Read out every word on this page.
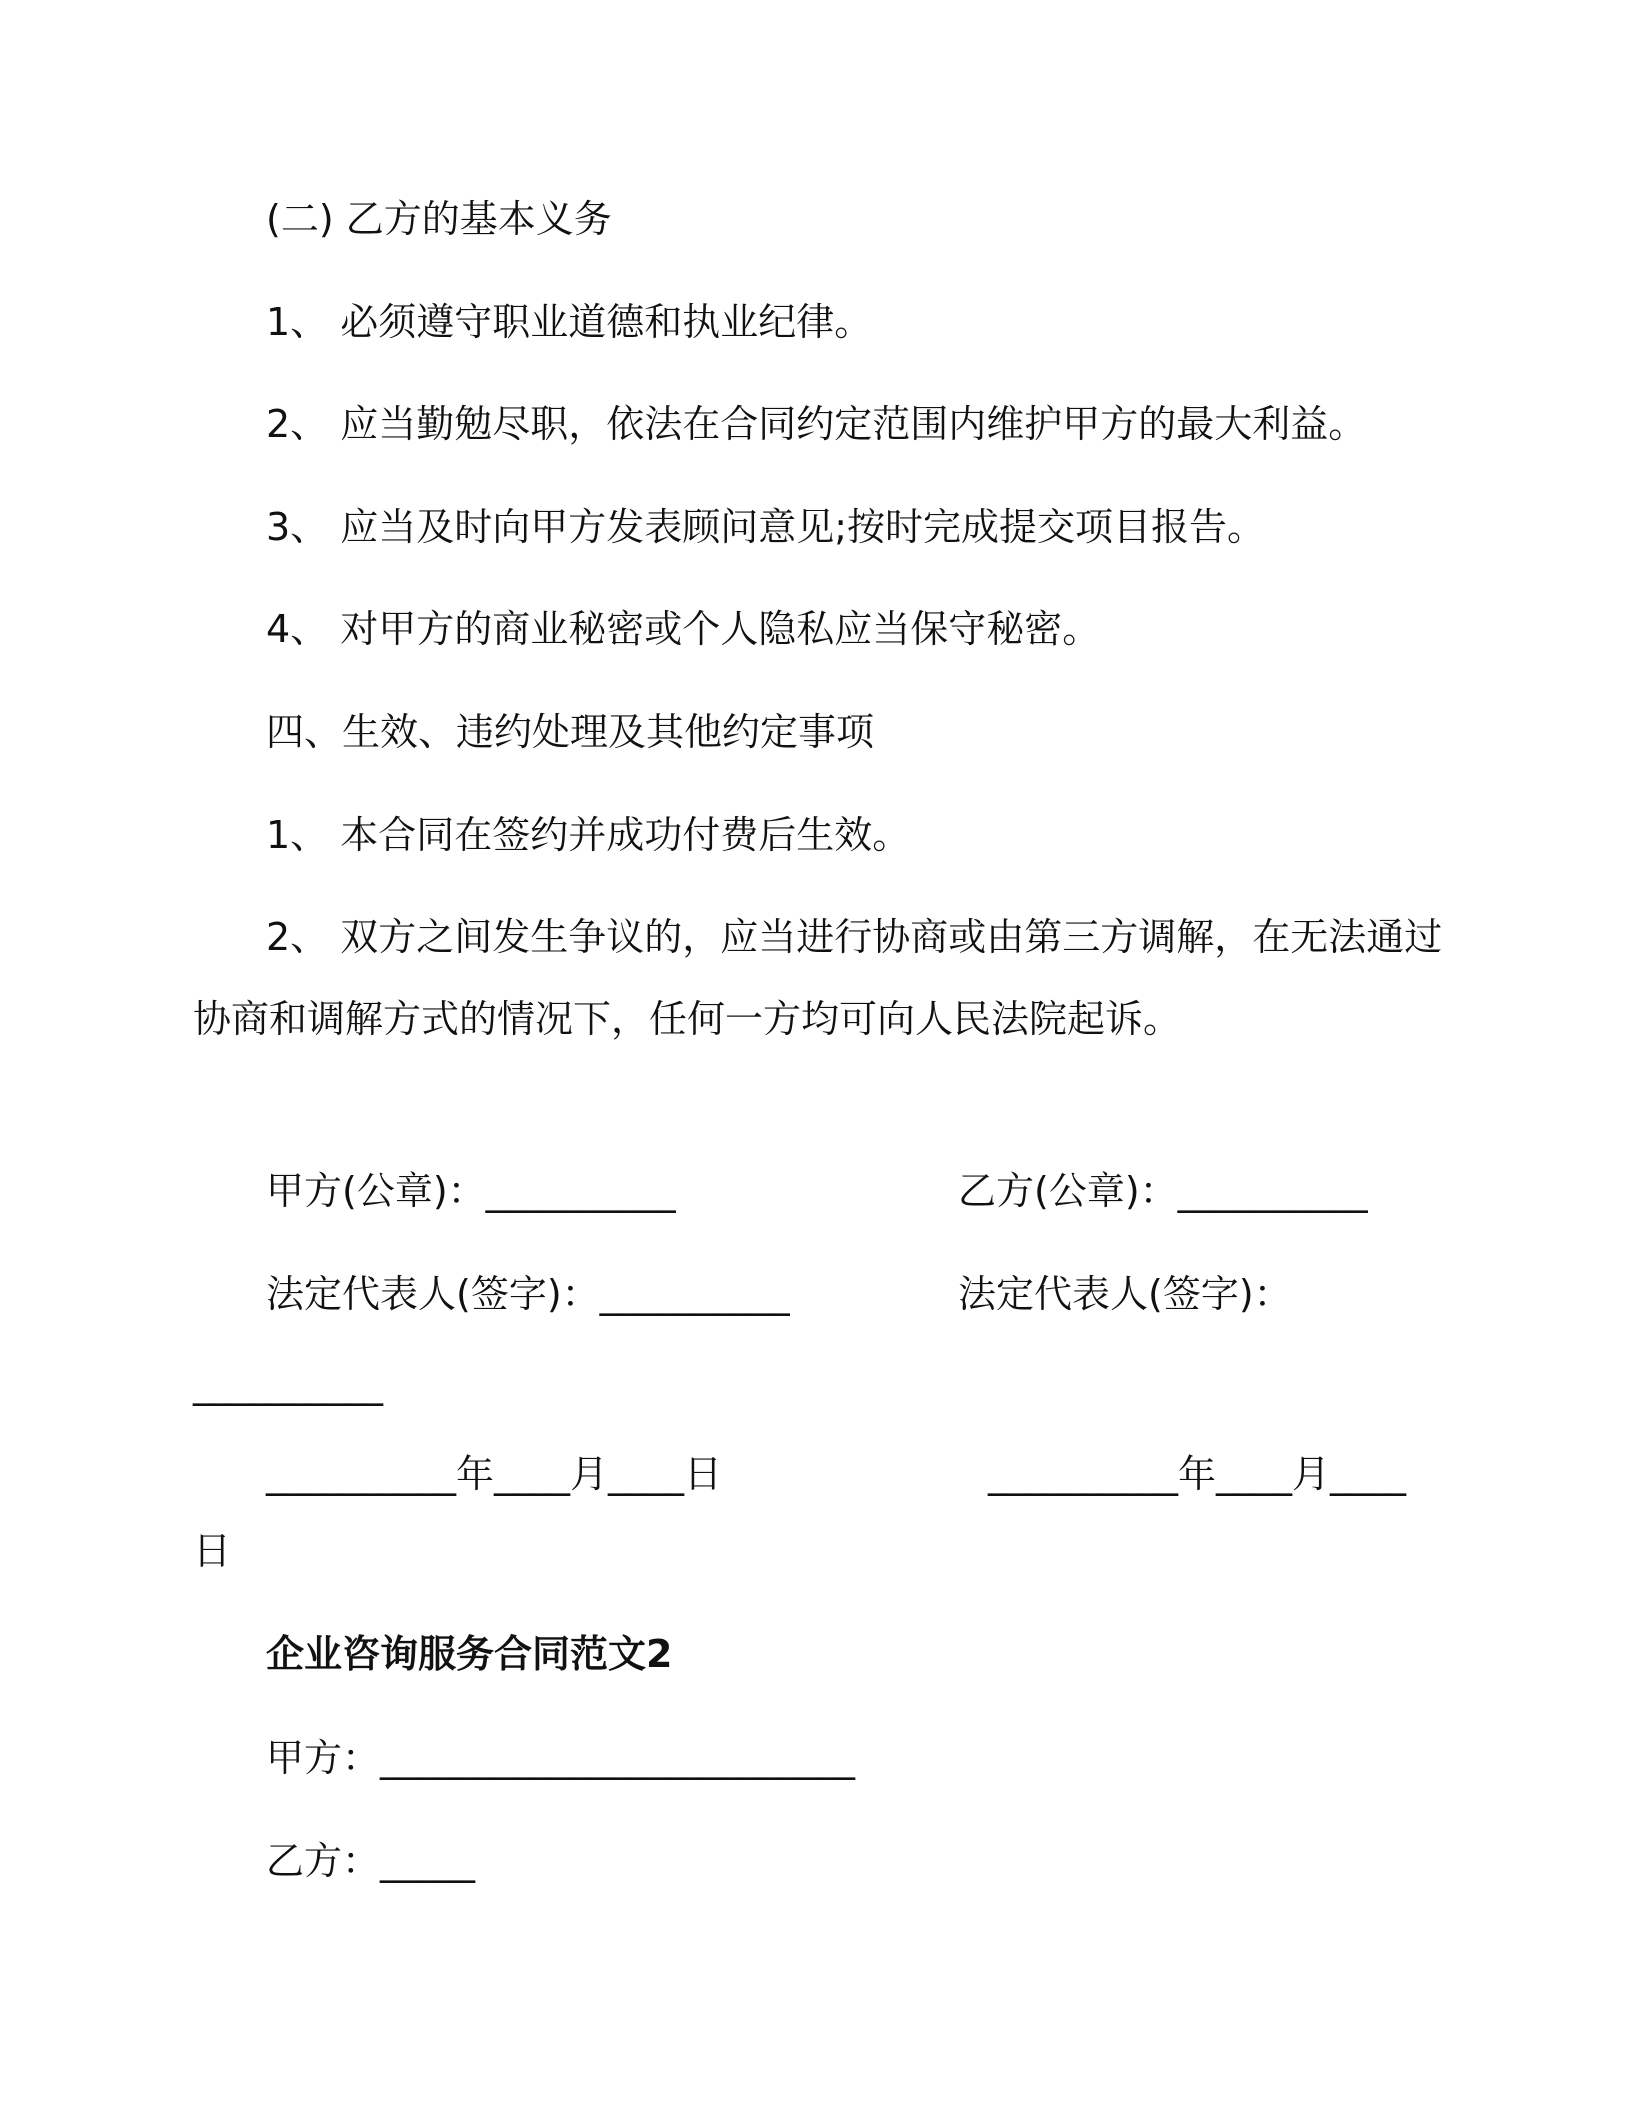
(二) 乙方的基本义务
1、 必须遵守职业道德和执业纪律。
2、 应当勤勉尽职，依法在合同约定范围内维护甲方的最大利益。
3、 应当及时向甲方发表顾问意见;按时完成提交项目报告。
4、 对甲方的商业秘密或个人隐私应当保守秘密。
四、生效、违约处理及其他约定事项
1、 本合同在签约并成功付费后生效。
2、 双方之间发生争议的，应当进行协商或由第三方调解，在无法通过
协商和调解方式的情况下，任何一方均可向人民法院起诉。
甲方(公章)：__________	乙方(公章)：__________
法定代表人(签字)：__________	法定代表人(签字)：
__________
__________年____月____日	__________年____月____
日
企业咨询服务合同范文2
甲方：_________________________
乙方：_____
